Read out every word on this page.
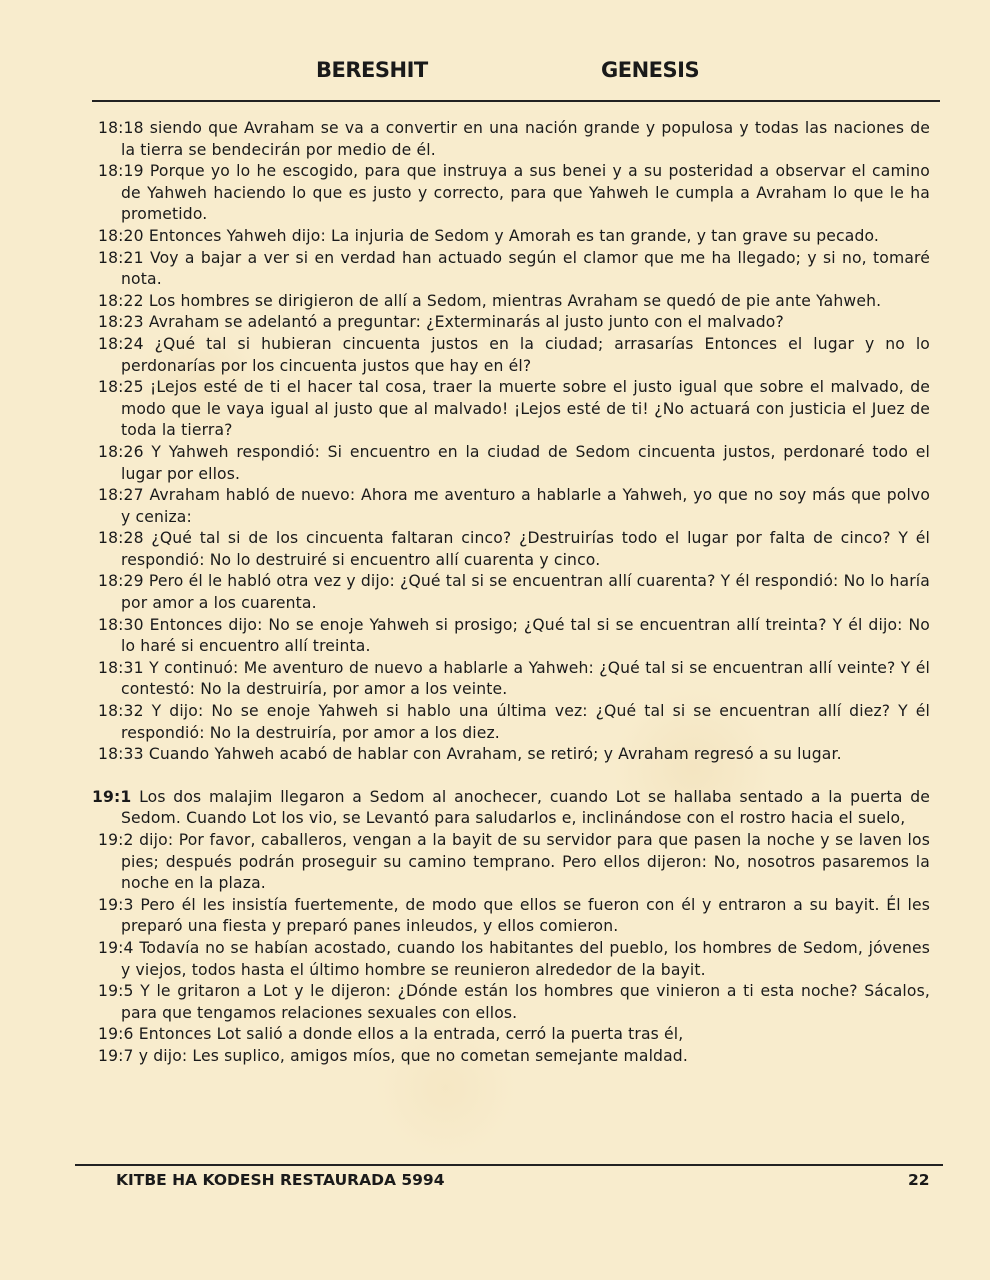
BERESHIT	GENESIS
18:18 siendo que Avraham se va a convertir en una nación grande y populosa y todas las naciones de la tierra se bendecirán por medio de él.
18:19 Porque yo lo he escogido, para que instruya a sus benei y a su posteridad a observar el camino de Yahweh haciendo lo que es justo y correcto, para que Yahweh le cumpla a Avraham lo que le ha prometido.
18:20 Entonces Yahweh dijo: La injuria de Sedom y Amorah es tan grande, y tan grave su pecado.
18:21 Voy a bajar a ver si en verdad han actuado según el clamor que me ha llegado; y si no, tomaré nota.
18:22 Los hombres se dirigieron de allí a Sedom, mientras Avraham se quedó de pie ante Yahweh.
18:23 Avraham se adelantó a preguntar: ¿Exterminarás al justo junto con el malvado?
18:24 ¿Qué tal si hubieran cincuenta justos en la ciudad; arrasarías Entonces el lugar y no lo perdonarías por los cincuenta justos que hay en él?
18:25 ¡Lejos esté de ti el hacer tal cosa, traer la muerte sobre el justo igual que sobre el malvado, de modo que le vaya igual al justo que al malvado! ¡Lejos esté de ti! ¿No actuará con justicia el Juez de toda la tierra?
18:26 Y Yahweh respondió: Si encuentro en la ciudad de Sedom cincuenta justos, perdonaré todo el lugar por ellos.
18:27 Avraham habló de nuevo: Ahora me aventuro a hablarle a Yahweh, yo que no soy más que polvo y ceniza:
18:28 ¿Qué tal si de los cincuenta faltaran cinco? ¿Destruirías todo el lugar por falta de cinco? Y él respondió: No lo destruiré si encuentro allí cuarenta y cinco.
18:29 Pero él le habló otra vez y dijo: ¿Qué tal si se encuentran allí cuarenta? Y él respondió: No lo haría por amor a los cuarenta.
18:30 Entonces dijo: No se enoje Yahweh si prosigo; ¿Qué tal si se encuentran allí treinta? Y él dijo: No lo haré si encuentro allí treinta.
18:31 Y continuó: Me aventuro de nuevo a hablarle a Yahweh: ¿Qué tal si se encuentran allí veinte? Y él contestó: No la destruiría, por amor a los veinte.
18:32 Y dijo: No se enoje Yahweh si hablo una última vez: ¿Qué tal si se encuentran allí diez? Y él respondió: No la destruiría, por amor a los diez.
18:33 Cuando Yahweh acabó de hablar con Avraham, se retiró; y Avraham regresó a su lugar.
19:1 Los dos malajim llegaron a Sedom al anochecer, cuando Lot se hallaba sentado a la puerta de Sedom. Cuando Lot los vio, se Levantó para saludarlos e, inclinándose con el rostro hacia el suelo,
19:2 dijo: Por favor, caballeros, vengan a la bayit de su servidor para que pasen la noche y se laven los pies; después podrán proseguir su camino temprano. Pero ellos dijeron: No, nosotros pasaremos la noche en la plaza.
19:3 Pero él les insistía fuertemente, de modo que ellos se fueron con él y entraron a su bayit. Él les preparó una fiesta y preparó panes inleudos, y ellos comieron.
19:4 Todavía no se habían acostado, cuando los habitantes del pueblo, los hombres de Sedom, jóvenes y viejos, todos hasta el último hombre se reunieron alrededor de la bayit.
19:5 Y le gritaron a Lot y le dijeron: ¿Dónde están los hombres que vinieron a ti esta noche? Sácalos, para que tengamos relaciones sexuales con ellos.
19:6 Entonces Lot salió a donde ellos a la entrada, cerró la puerta tras él,
19:7 y dijo: Les suplico, amigos míos, que no cometan semejante maldad.
KITBE HA KODESH RESTAURADA 5994	22
